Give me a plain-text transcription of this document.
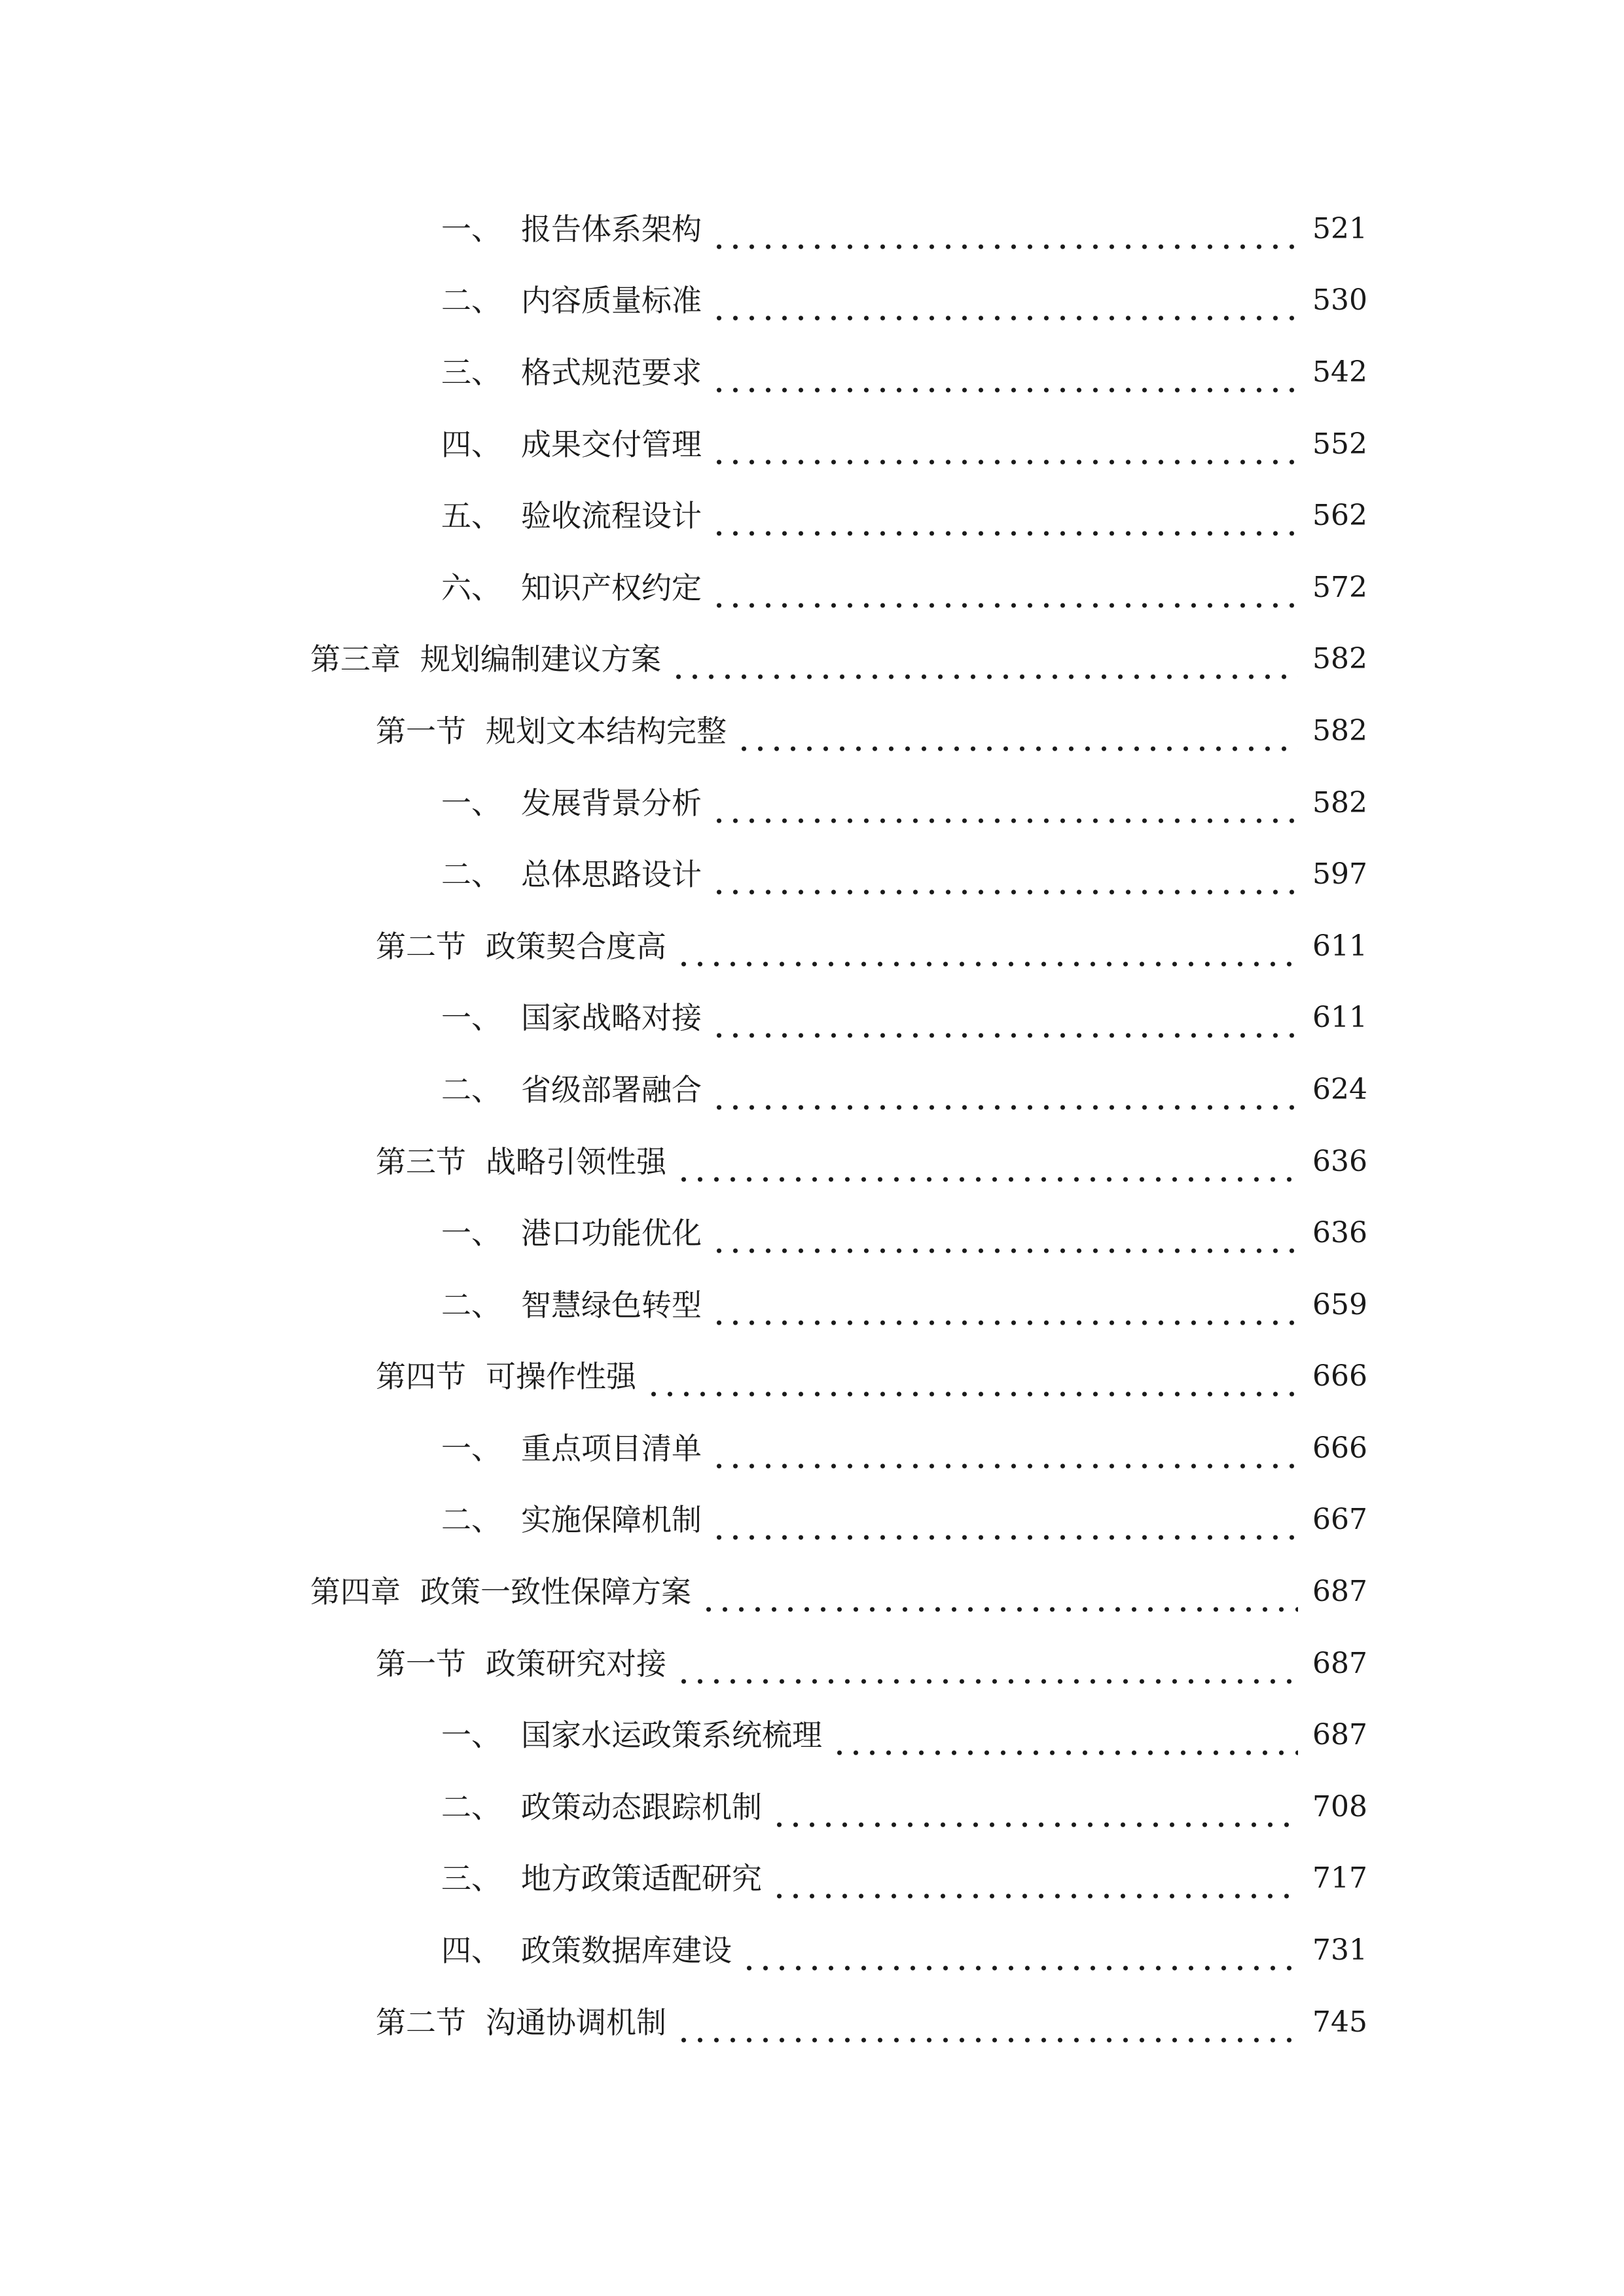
一、 报告体系架构	521
二、 内容质量标准	530
三、 格式规范要求	542
四、 成果交付管理	552
五、 验收流程设计	562
六、 知识产权约定	572
第三章 规划编制建议方案	582
第一节 规划文本结构完整	582
一、 发展背景分析	582
二、 总体思路设计	597
第二节 政策契合度高	611
一、 国家战略对接	611
二、 省级部署融合	624
第三节 战略引领性强	636
一、 港口功能优化	636
二、 智慧绿色转型	659
第四节 可操作性强	666
一、 重点项目清单	666
二、 实施保障机制	667
第四章 政策一致性保障方案	687
第一节 政策研究对接	687
一、 国家水运政策系统梳理	687
二、 政策动态跟踪机制	708
三、 地方政策适配研究	717
四、 政策数据库建设	731
第二节 沟通协调机制	745
